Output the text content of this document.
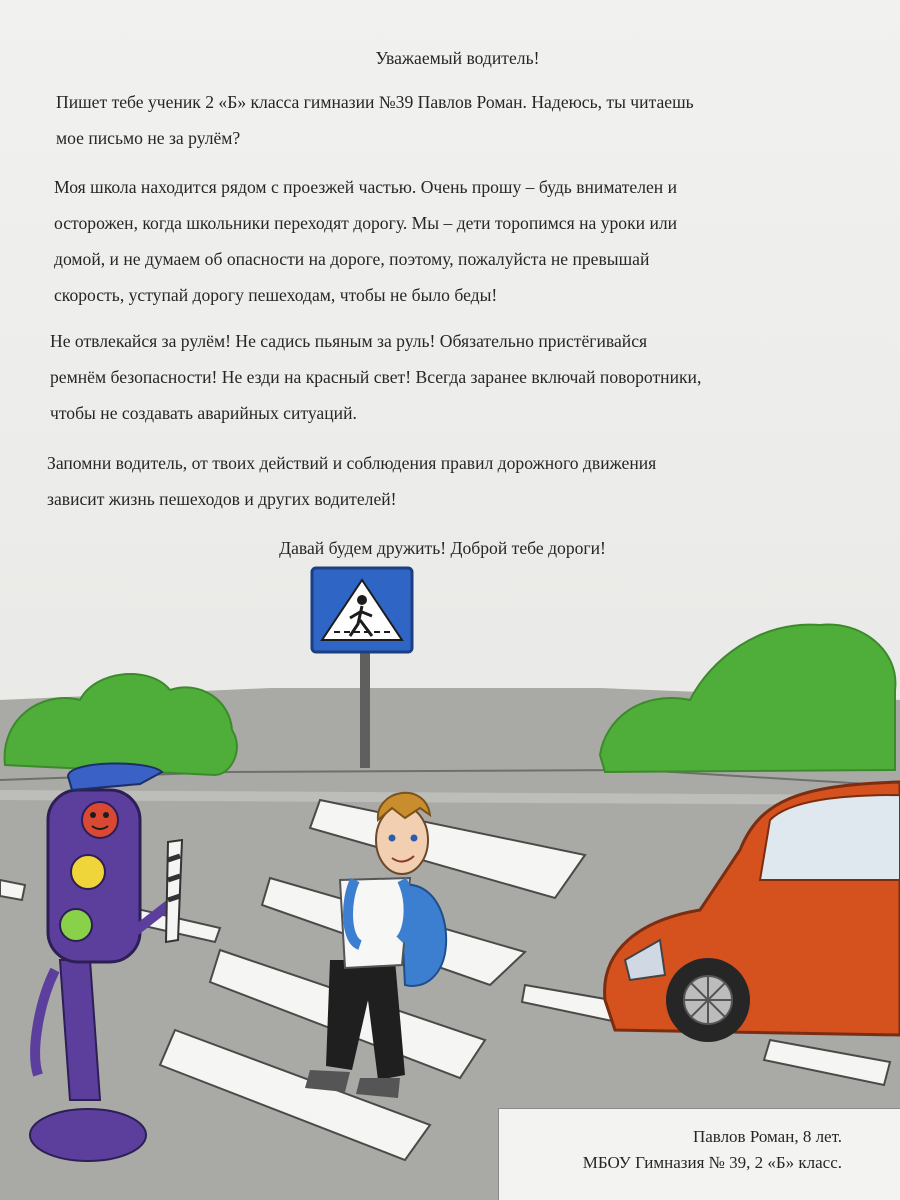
Уважаемый водитель!
Пишет тебе ученик 2 «Б» класса гимназии №39 Павлов Роман. Надеюсь, ты читаешь
мое письмо не за рулём?
Моя школа находится рядом с проезжей частью. Очень прошу – будь внимателен и
осторожен, когда школьники переходят дорогу. Мы – дети торопимся на уроки или
домой, и не думаем об опасности на дороге, поэтому, пожалуйста не превышай
скорость, уступай дорогу пешеходам, чтобы не было беды!
Не отвлекайся за рулём! Не садись пьяным за руль! Обязательно пристёгивайся
ремнём безопасности! Не езди на красный свет! Всегда заранее включай поворотники,
чтобы не создавать аварийных ситуаций.
Запомни водитель, от твоих действий и соблюдения правил дорожного движения
зависит жизнь пешеходов и других водителей!
Давай будем дружить! Доброй тебе дороги!
Павлов Роман, 8 лет.
МБОУ Гимназия № 39, 2 «Б» класс.
